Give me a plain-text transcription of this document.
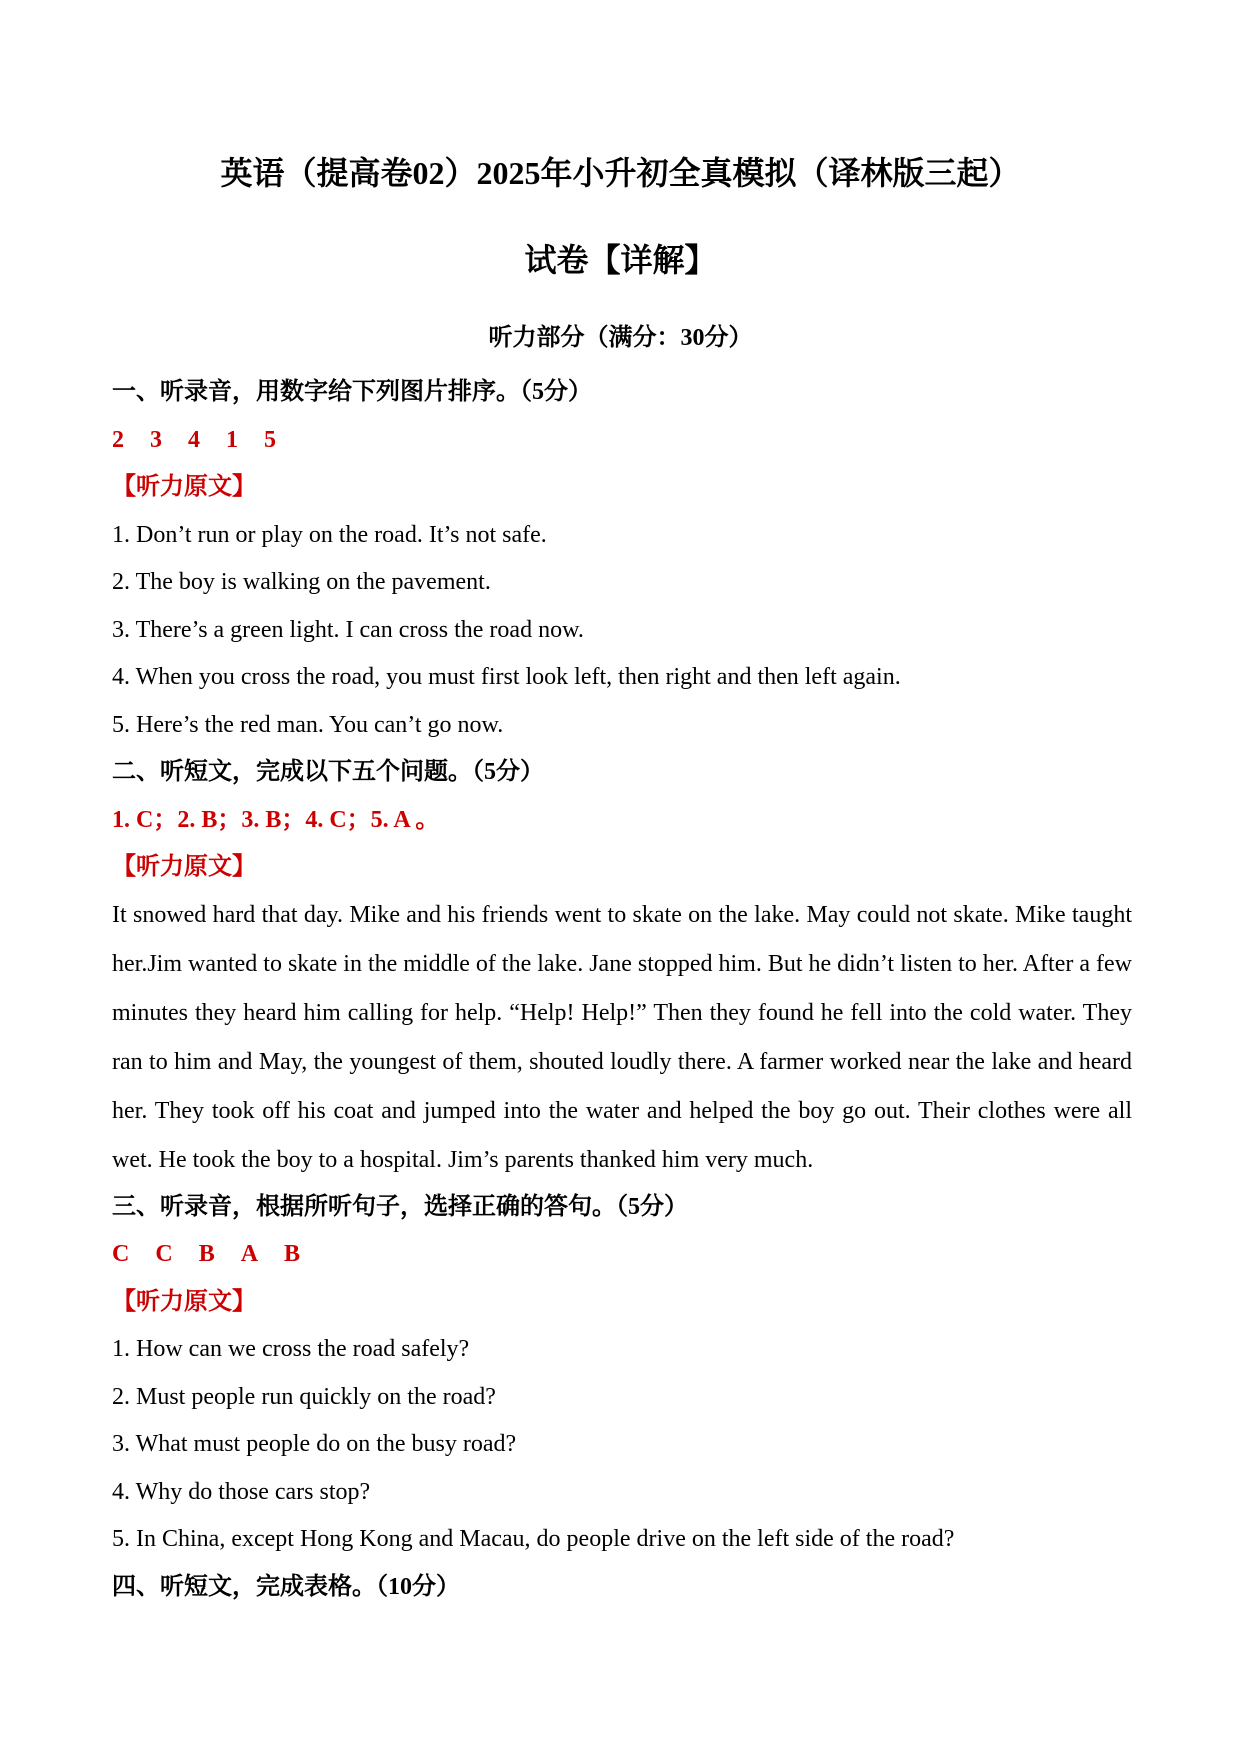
英语（提高卷02）2025年小升初全真模拟（译林版三起）
试卷【详解】
听力部分（满分：30分）
一、听录音，用数字给下列图片排序。（5分）
2 3 4 1 5
【听力原文】
1. Don’t run or play on the road. It’s not safe.
2. The boy is walking on the pavement.
3. There’s a green light. I can cross the road now.
4. When you cross the road, you must first look left, then right and then left again.
5. Here’s the red man. You can’t go now.
二、听短文，完成以下五个问题。（5分）
1. C；2. B；3. B；4. C；5. A 。
【听力原文】
It snowed hard that day. Mike and his friends went to skate on the lake. May could not skate. Mike taught her.Jim wanted to skate in the middle of the lake. Jane stopped him. But he didn’t listen to her. After a few minutes they heard him calling for help. “Help! Help!” Then they found he fell into the cold water. They ran to him and May, the youngest of them, shouted loudly there. A farmer worked near the lake and heard her. They took off his coat and jumped into the water and helped the boy go out. Their clothes were all wet. He took the boy to a hospital. Jim’s parents thanked him very much.
三、听录音，根据所听句子，选择正确的答句。（5分）
C C B A B
【听力原文】
1. How can we cross the road safely?
2. Must people run quickly on the road?
3. What must people do on the busy road?
4. Why do those cars stop?
5. In China, except Hong Kong and Macau, do people drive on the left side of the road?
四、听短文，完成表格。（10分）
